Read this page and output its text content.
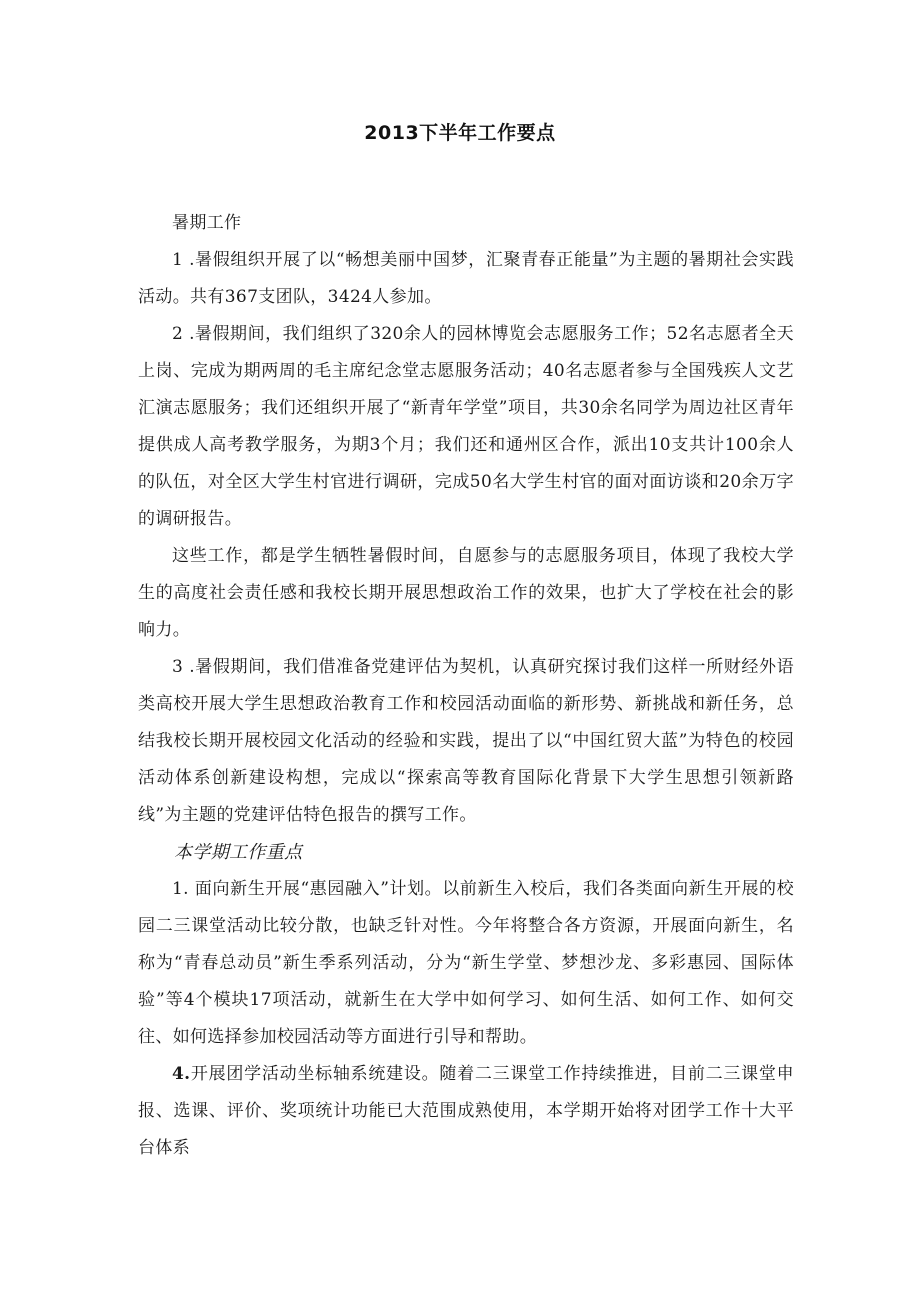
2013下半年工作要点

暑期工作

1 .暑假组织开展了以“畅想美丽中国梦，汇聚青春正能量”为主题的暑期社会实践活动。共有367支团队，3424人参加。

2 .暑假期间，我们组织了320余人的园林博览会志愿服务工作；52名志愿者全天上岗、完成为期两周的毛主席纪念堂志愿服务活动；40名志愿者参与全国残疾人文艺汇演志愿服务；我们还组织开展了“新青年学堂”项目，共30余名同学为周边社区青年提供成人高考教学服务，为期3个月；我们还和通州区合作，派出10支共计100余人的队伍，对全区大学生村官进行调研，完成50名大学生村官的面对面访谈和20余万字的调研报告。

这些工作，都是学生牺牲暑假时间，自愿参与的志愿服务项目，体现了我校大学生的高度社会责任感和我校长期开展思想政治工作的效果，也扩大了学校在社会的影响力。

3 .暑假期间，我们借准备党建评估为契机，认真研究探讨我们这样一所财经外语类高校开展大学生思想政治教育工作和校园活动面临的新形势、新挑战和新任务，总结我校长期开展校园文化活动的经验和实践，提出了以“中国红贸大蓝”为特色的校园活动体系创新建设构想，完成以“探索高等教育国际化背景下大学生思想引领新路线”为主题的党建评估特色报告的撰写工作。

本学期工作重点

1. 面向新生开展“惠园融入”计划。以前新生入校后，我们各类面向新生开展的校园二三课堂活动比较分散，也缺乏针对性。今年将整合各方资源，开展面向新生，名称为“青春总动员”新生季系列活动，分为“新生学堂、梦想沙龙、多彩惠园、国际体验”等4个模块17项活动，就新生在大学中如何学习、如何生活、如何工作、如何交往、如何选择参加校园活动等方面进行引导和帮助。

4.开展团学活动坐标轴系统建设。随着二三课堂工作持续推进，目前二三课堂申报、选课、评价、奖项统计功能已大范围成熟使用，本学期开始将对团学工作十大平台体系
